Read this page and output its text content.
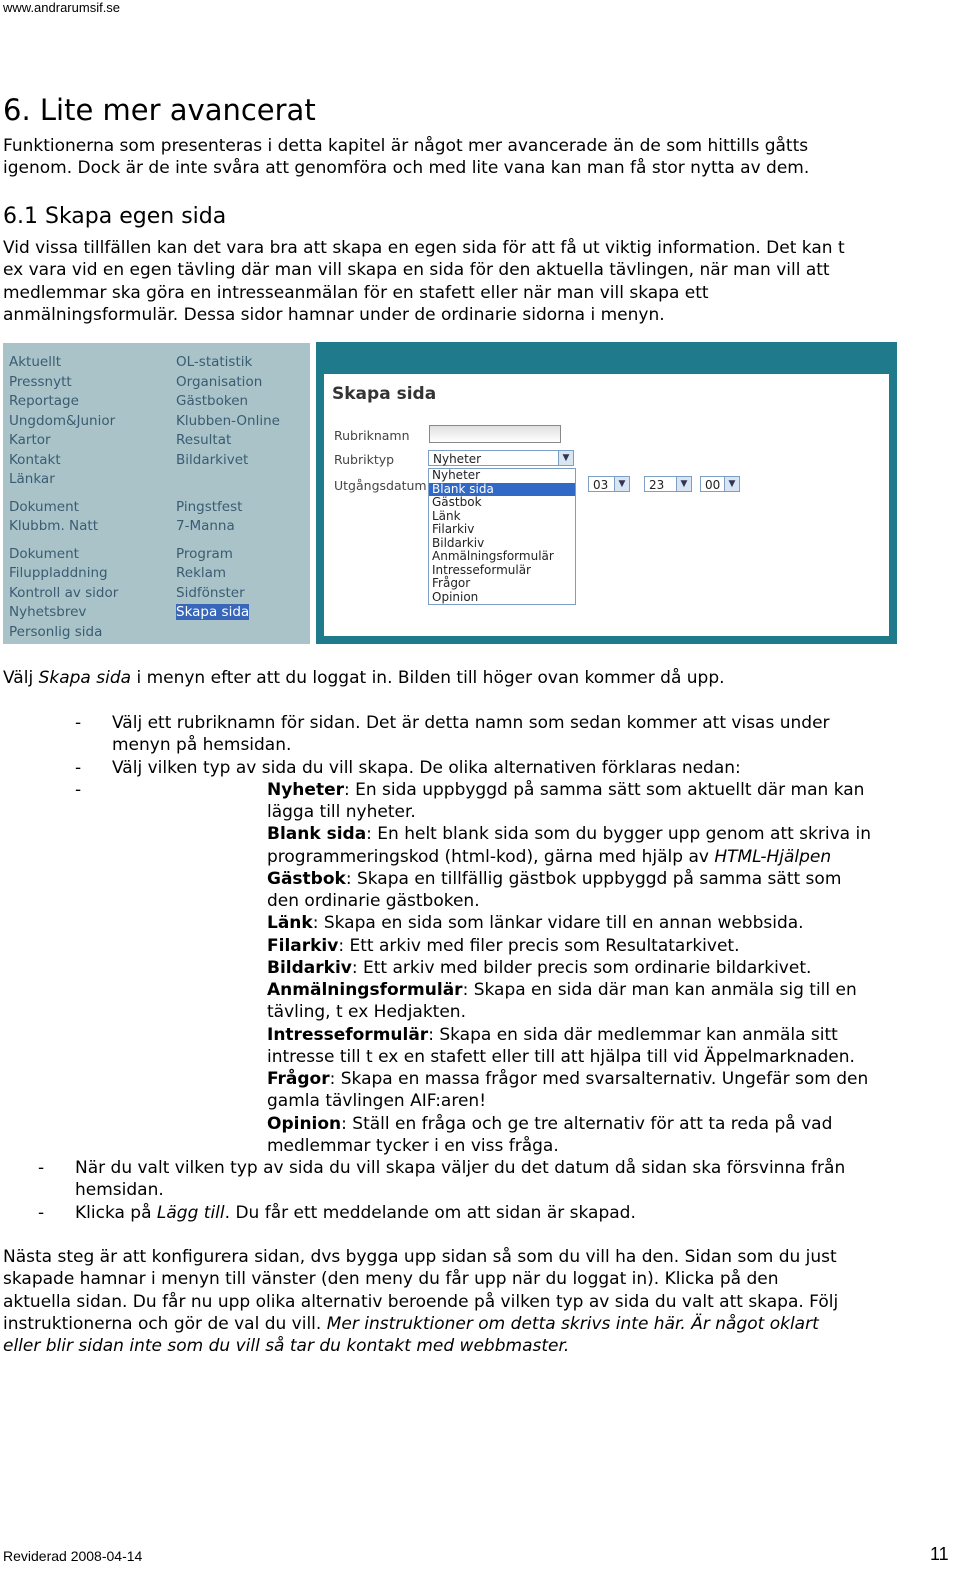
www.andrarumsif.se
6. Lite mer avancerat

Funktionerna som presenteras i detta kapitel är något mer avancerade än de som hittills gåtts

igenom. Dock är de inte svåra att genomföra och med lite vana kan man få stor nytta av dem.

6.1 Skapa egen sida

Vid vissa tillfällen kan det vara bra att skapa en egen sida för att få ut viktig information. Det kan t

ex vara vid en egen tävling där man vill skapa en sida för den aktuella tävlingen, när man vill att

medlemmar ska göra en intresseanmälan för en stafett eller när man vill skapa ett

anmälningsformulär. Dessa sidor hamnar under de ordinarie sidorna i menyn.

Aktuellt
Pressnytt
Reportage
Ungdom&Junior
Kartor
Kontakt
Länkar
Dokument
Klubbm. Natt
Dokument
Filuppladdning
Kontroll av sidor
Nyhetsbrev
Personlig sida
OL-statistik
Organisation
Gästboken
Klubben-Online
Resultat
Bildarkivet
Pingstfest
7-Manna
Program
Reklam
Sidfönster
Skapa sida
Skapa sida
Rubriknamn
Rubriktyp	Nyheter	▼
Utgångsdatum	03	▼	23	▼	00 ▼
Nyheter
Blank sida
Gästbok
Länk
Filarkiv
Bildarkiv
Anmälningsformulär
Intresseformulär
Frågor
Opinion
Välj Skapa sida i menyn efter att du loggat in. Bilden till höger ovan kommer då upp.
- Välj ett rubriknamn för sidan. Det är detta namn som sedan kommer att visas under
menyn på hemsidan.
- Välj vilken typ av sida du vill skapa. De olika alternativen förklaras nedan:
-	Nyheter: En sida uppbyggd på samma sätt som aktuellt där man kan
lägga till nyheter.
Blank sida: En helt blank sida som du bygger upp genom att skriva in
programmeringskod (html-kod), gärna med hjälp av HTML-Hjälpen
Gästbok: Skapa en tillfällig gästbok uppbyggd på samma sätt som
den ordinarie gästboken.
Länk: Skapa en sida som länkar vidare till en annan webbsida.
Filarkiv: Ett arkiv med filer precis som Resultatarkivet.
Bildarkiv: Ett arkiv med bilder precis som ordinarie bildarkivet.
Anmälningsformulär: Skapa en sida där man kan anmäla sig till en
tävling, t ex Hedjakten.
Intresseformulär: Skapa en sida där medlemmar kan anmäla sitt
intresse till t ex en stafett eller till att hjälpa till vid Äppelmarknaden.
Frågor: Skapa en massa frågor med svarsalternativ. Ungefär som den
gamla tävlingen AIF:aren!
Opinion: Ställ en fråga och ge tre alternativ för att ta reda på vad
medlemmar tycker i en viss fråga.
- När du valt vilken typ av sida du vill skapa väljer du det datum då sidan ska försvinna från
hemsidan.
- Klicka på Lägg till. Du får ett meddelande om att sidan är skapad.

Nästa steg är att konfigurera sidan, dvs bygga upp sidan så som du vill ha den. Sidan som du just

skapade hamnar i menyn till vänster (den meny du får upp när du loggat in). Klicka på den

aktuella sidan. Du får nu upp olika alternativ beroende på vilken typ av sida du valt att skapa. Följ

instruktionerna och gör de val du vill. Mer instruktioner om detta skrivs inte här. Är något oklart

eller blir sidan inte som du vill så tar du kontakt med webbmaster.

Reviderad 2008-04-14	11
